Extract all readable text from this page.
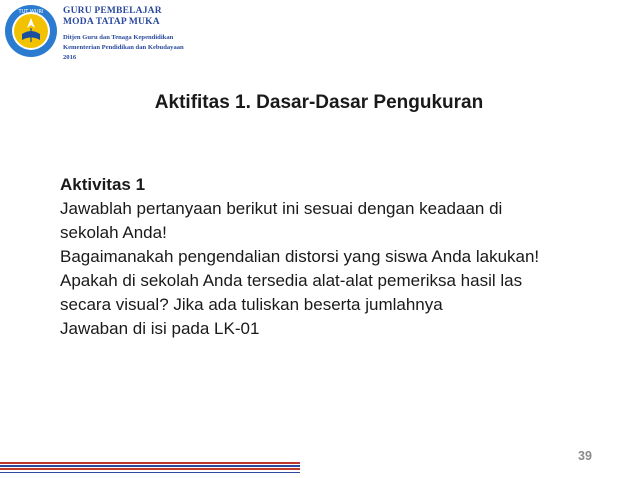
TUT WURI GURU PEMBELAJAR
MODA TATAP MUKA
Ditjen Guru dan Tenaga Kependidikan
Kementerian Pendidikan dan Kebudayaan
2016
Aktifitas 1. Dasar-Dasar Pengukuran
Aktivitas 1
Jawablah pertanyaan berikut ini sesuai dengan keadaan di
sekolah Anda!
Bagaimanakah pengendalian distorsi yang siswa Anda lakukan!
Apakah di sekolah Anda tersedia alat-alat pemeriksa hasil las
secara visual? Jika ada tuliskan beserta jumlahnya
Jawaban di isi pada LK-01
39
